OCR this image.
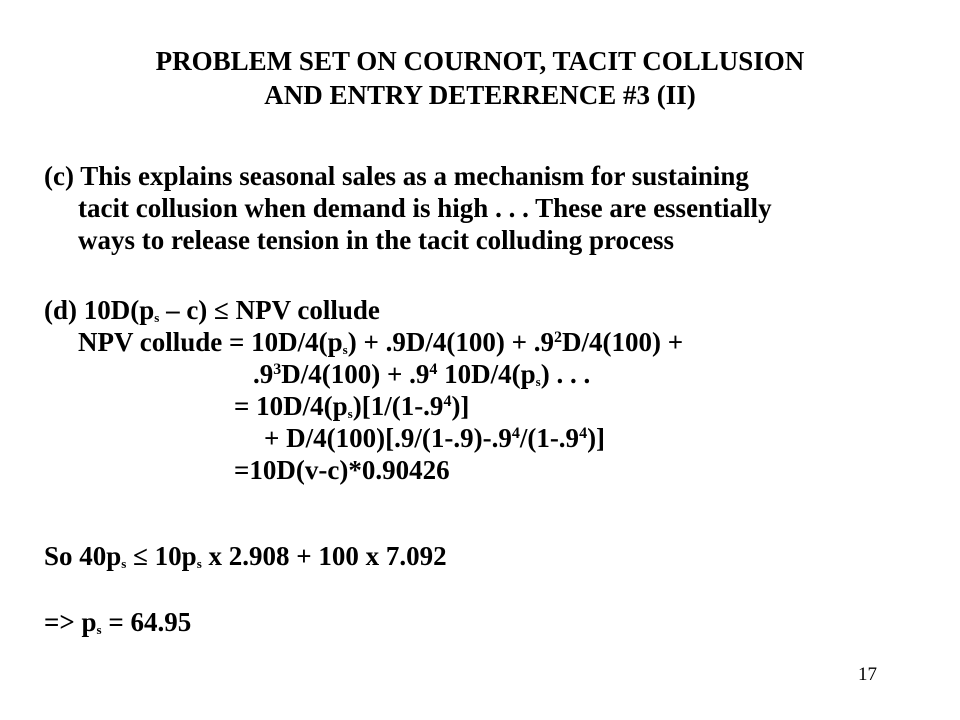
PROBLEM SET ON COURNOT, TACIT COLLUSION
AND ENTRY DETERRENCE #3 (II)
(c) This explains seasonal sales as a mechanism for sustaining
tacit collusion when demand is high . . . These are essentially
ways to release tension in the tacit colluding process
(d) $10D(p_s - c)$ ≤ NPV collude
NPV collude = $10D/4(p_s) + .9D/4(100) + .9^2D/4(100)$ +
$.9^3D/4(100) + .9^4$ $10D/4(p_s)$ . . .
= $10D/4(p_s)[1/(1-.9^4)]$
+ $D/4(100)[.9/(1-.9)-.9^4/(1-.9^4)]$
=10D(v-c)*0.90426
So $40p_s \le 10p_s$ x 2.908 + 100 x 7.092
=> $p_s = 64.95$
17
